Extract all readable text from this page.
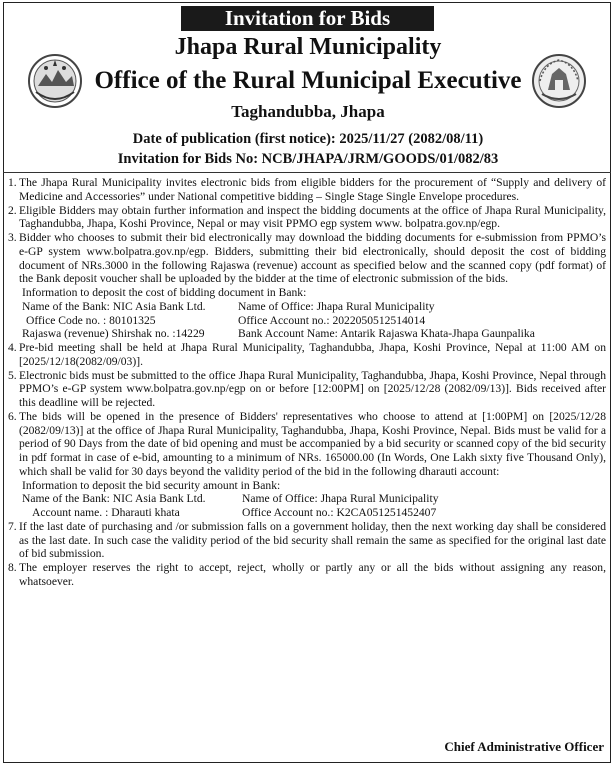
Invitation for Bids
Jhapa Rural Municipality
Office of the Rural Municipal Executive
Taghandubba, Jhapa
Date of publication (first notice): 2025/11/27 (2082/08/11)
Invitation for Bids No: NCB/JHAPA/JRM/GOODS/01/082/83
1. The Jhapa Rural Municipality invites electronic bids from eligible bidders for the procurement of “Supply and delivery of Medicine and Accessories” under National competitive bidding – Single Stage Single Envelope procedures.

2. Eligible Bidders may obtain further information and inspect the bidding documents at the office of Jhapa Rural Municipality, Taghandubba, Jhapa, Koshi Province, Nepal or may visit PPMO egp system www. bolpatra.gov.np/egp.

3. Bidder who chooses to submit their bid electronically may download the bidding documents for e-submission from PPMO’s e-GP system www.bolpatra.gov.np/egp. Bidders, submitting their bid electronically, should deposit the cost of bidding document of NRs.3000 in the following Rajaswa (revenue) account as specified below and the scanned copy (pdf format) of the Bank deposit voucher shall be uploaded by the bidder at the time of electronic submission of the bids.

Information to deposit the cost of bidding document in Bank:
Name of the Bank: NIC Asia Bank Ltd.	Name of Office: Jhapa Rural Municipality
Office Code no. : 80101325	Office Account no.: 2022050512514014
Rajaswa (revenue) Shirshak no. :14229	Bank Account Name: Antarik Rajaswa Khata-Jhapa Gaunpalika
4. Pre-bid meeting shall be held at Jhapa Rural Municipality, Taghandubba, Jhapa, Koshi Province, Nepal at 11:00 AM on [2025/12/18(2082/09/03)].

5. Electronic bids must be submitted to the office Jhapa Rural Municipality, Taghandubba, Jhapa, Koshi Province, Nepal through PPMO’s e-GP system www.bolpatra.gov.np/egp on or before [12:00PM] on [2025/12/28 (2082/09/13)]. Bids received after this deadline will be rejected.

6. The bids will be opened in the presence of Bidders' representatives who choose to attend at [1:00PM] on [2025/12/28 (2082/09/13)] at the office of Jhapa Rural Municipality, Taghandubba, Jhapa, Koshi Province, Nepal. Bids must be valid for a period of 90 Days from the date of bid opening and must be accompanied by a bid security or scanned copy of the bid security in pdf format in case of e-bid, amounting to a minimum of NRs. 165000.00 (In Words, One Lakh sixty five Thousand Only), which shall be valid for 30 days beyond the validity period of the bid in the following dharauti account:

Information to deposit the bid security amount in Bank:
Name of the Bank: NIC Asia Bank Ltd.	Name of Office: Jhapa Rural Municipality
Account name. : Dharauti khata	Office Account no.: K2CA051251452407
7. If the last date of purchasing and /or submission falls on a government holiday, then the next working day shall be considered as the last date. In such case the validity period of the bid security shall remain the same as specified for the original last date of bid submission.

8. The employer reserves the right to accept, reject, wholly or partly any or all the bids without assigning any reason, whatsoever.

Chief Administrative Officer
